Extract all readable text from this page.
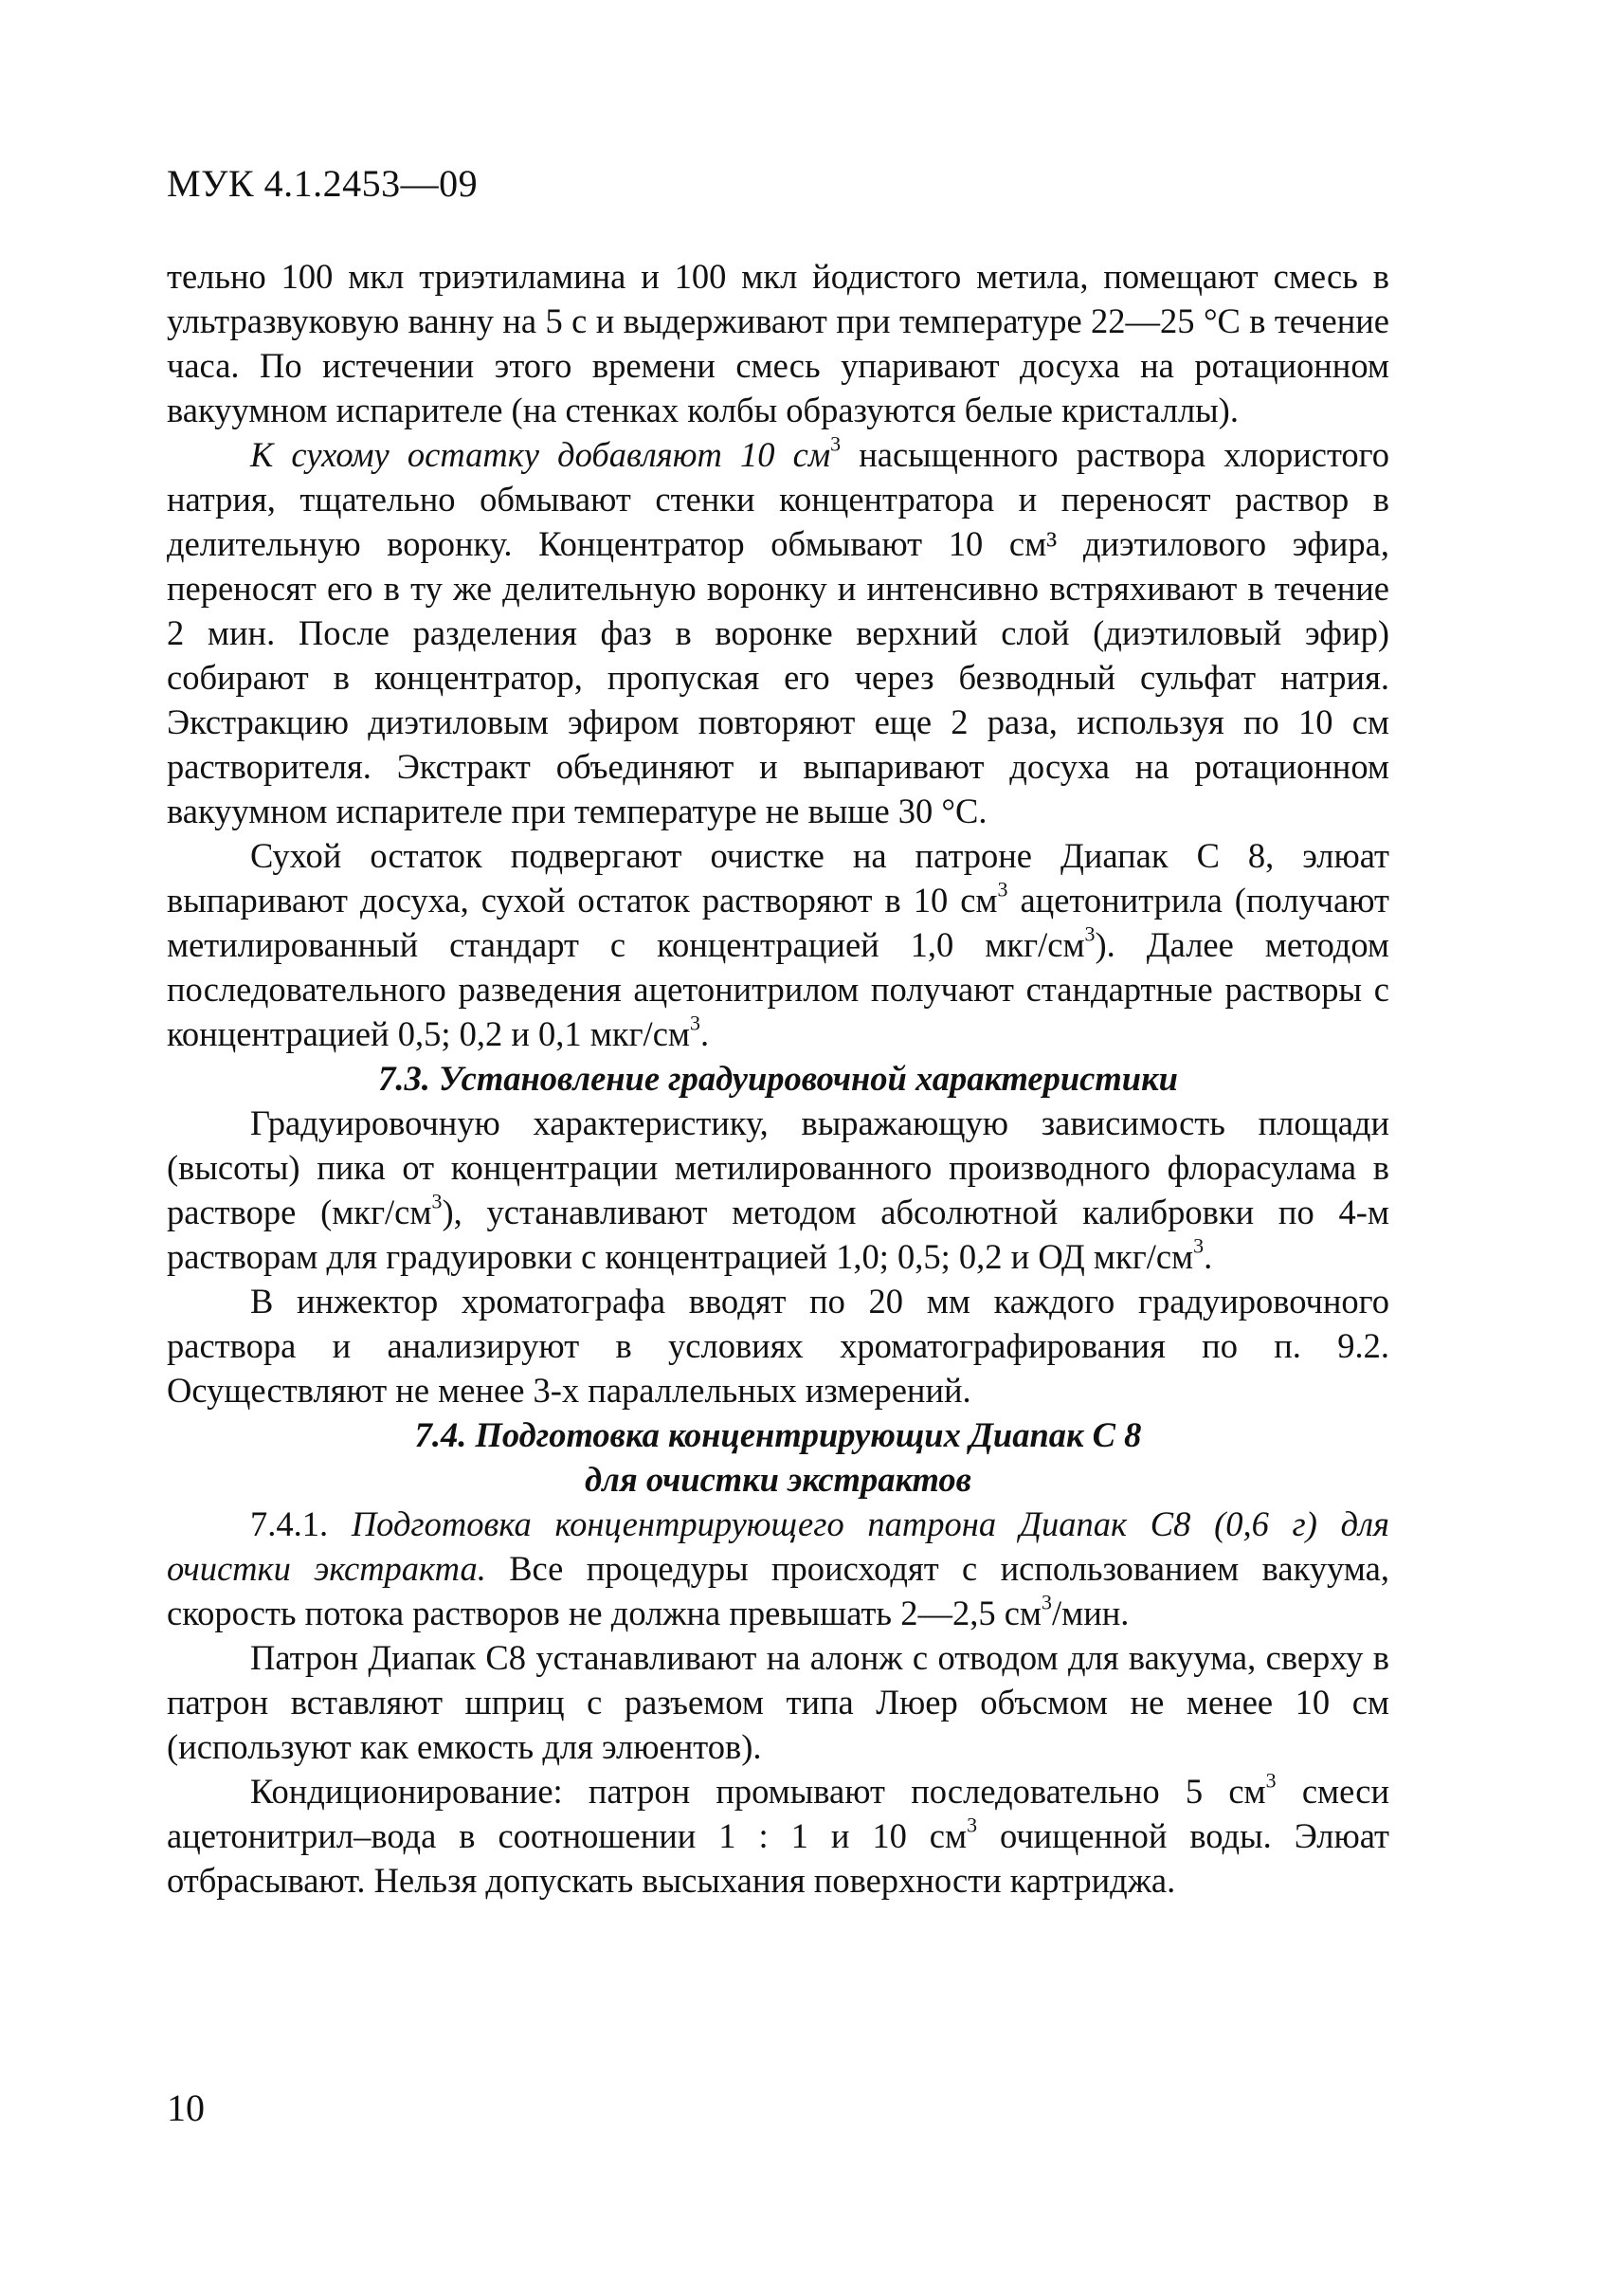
МУК 4.1.2453—09

тельно 100 мкл триэтиламина и 100 мкл йодистого метила, помещают смесь в ультразвуковую ванну на 5 с и выдерживают при температуре 22—25 °С в течение часа. По истечении этого времени смесь упаривают досуха на ротационном вакуумном испарителе (на стенках колбы образуются белые кристаллы).

К сухому остатку добавляют 10 $см^3$ насыщенного раствора хлористого натрия, тщательно обмывают стенки концентратора и переносят раствор в делительную воронку. Концентратор обмывают 10 см³ диэтилового эфира, переносят его в ту же делительную воронку и интенсивно встряхивают в течение 2 мин. После разделения фаз в воронке верхний слой (диэтиловый эфир) собирают в концентратор, пропуская его через безводный сульфат натрия. Экстракцию диэтиловым эфиром повторяют еще 2 раза, используя по 10 см растворителя. Экстракт объединяют и выпаривают досуха на ротационном вакуумном испарителе при температуре не выше 30 °С.

Сухой остаток подвергают очистке на патроне Диапак С 8, элюат выпаривают досуха, сухой остаток растворяют в 10 $см^3$ ацетонитрила (получают метилированный стандарт с концентрацией 1,0 мкг/$см^3$). Далее методом последовательного разведения ацетонитрилом получают стандартные растворы с концентрацией 0,5; 0,2 и 0,1 мкг/$см^3$.

7.3. Установление градуировочной характеристики

Градуировочную характеристику, выражающую зависимость площади (высоты) пика от концентрации метилированного производного флорасулама в растворе $(мкг/см^3)$, устанавливают методом абсолютной калибровки по 4-м растворам для градуировки с концентрацией 1,0; 0,5; 0,2 и ОД мкг/$см^3$.

В инжектор хроматографа вводят по 20 мм каждого градуировочного раствора и анализируют в условиях хроматографирования по п. 9.2. Осуществляют не менее 3-х параллельных измерений.

7.4. Подготовка концентрирующих Диапак С 8
для очистки экстрактов

7.4.1. Подготовка концентрирующего патрона Диапак С8 (0,6 г) для очистки экстракта. Все процедуры происходят с использованием вакуума, скорость потока растворов не должна превышать 2—2,5 $см^3$/мин.

Патрон Диапак С8 устанавливают на алонж с отводом для вакуума, сверху в патрон вставляют шприц с разъемом типа Люер объсмом не менее 10 см (используют как емкость для элюентов).

Кондиционирование: патрон промывают последовательно 5 $см^3$ смеси ацетонитрил–вода в соотношении 1 : 1 и 10 $см^3$ очищенной воды. Элюат отбрасывают. Нельзя допускать высыхания поверхности картриджа.

10
